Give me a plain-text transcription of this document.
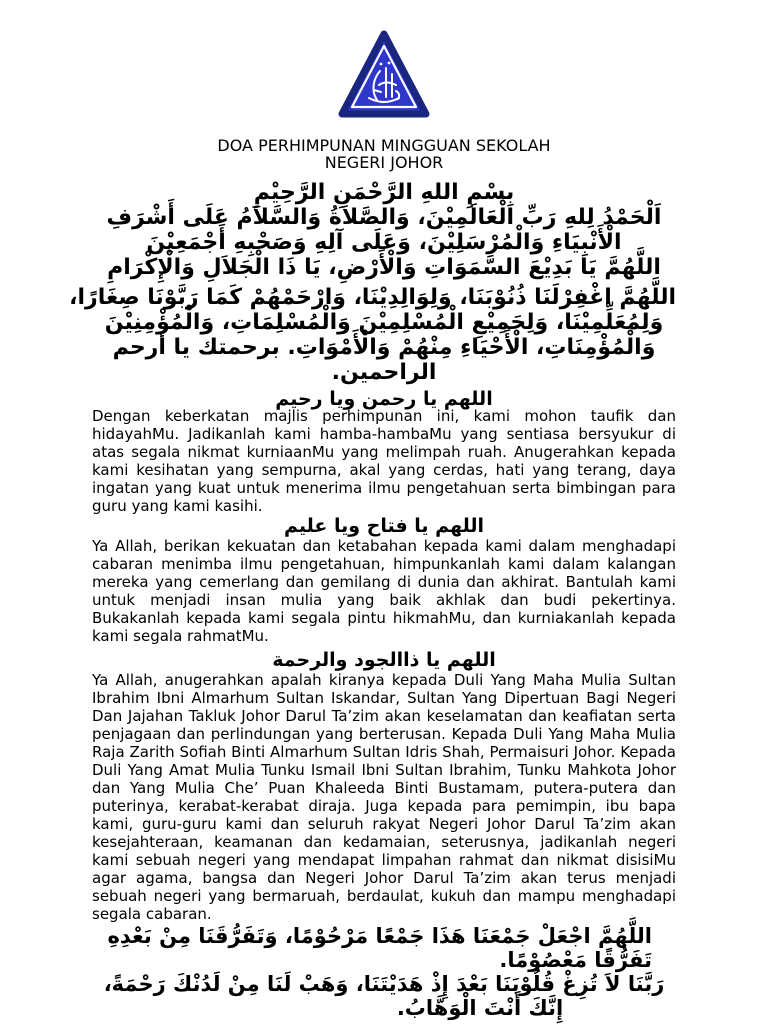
DOA PERHIMPUNAN MINGGUAN SEKOLAH
NEGERI JOHOR
بِسْمِ اللهِ الرَّحْمَنِ الرَّحِيْمِ
اَلْحَمْدُ لِلهِ رَبِّ الْعَالَمِيْنَ، وَالصَّلاَةُ وَالسَّلاَمُ عَلَى أَشْرَفِ
الْأَنْبِيَاءِ وَالْمُرْسَلِيْنَ، وَعَلَى آلِهِ وَصَحْبِهِ أَجْمَعِيْنَ
اللَّهُمَّ يَا بَدِيْعَ السَّمَوَاتِ وَالْأَرْضِ، يَا ذَا الْجَلاَلِ وَالْإِكْرَامِ
اللَّهُمَّ اغْفِرْلَنَا ذُنُوْبَنَا، وَلِوَالِدِيْنَا، وَارْحَمْهُمْ كَمَا رَبَّوْنَا صِغَارًا،
وَلِمُعَلِّمِيْنَا، وَلِجَمِيْعِ الْمُسْلِمِيْنَ وَالْمُسْلِمَاتِ، وَالْمُؤْمِنِيْنَ
وَالْمُؤْمِنَاتِ، الْأَحْيَاءِ مِنْهُمْ وَالْأَمْوَاتِ. برحمتك يا أرحم
الراحمين.
اللهم يا رحمن ويا رحيم

Dengan keberkatan majlis perhimpunan ini, kami mohon taufik dan hidayahMu. Jadikanlah kami hamba-hambaMu yang sentiasa bersyukur di atas segala nikmat kurniaanMu yang melimpah ruah. Anugerahkan kepada kami kesihatan yang sempurna, akal yang cerdas, hati yang terang, daya ingatan yang kuat untuk menerima ilmu pengetahuan serta bimbingan para guru yang kami kasihi.

اللهم يا فتاح ويا عليم

Ya Allah, berikan kekuatan dan ketabahan kepada kami dalam menghadapi cabaran menimba ilmu pengetahuan, himpunkanlah kami dalam kalangan mereka yang cemerlang dan gemilang di dunia dan akhirat. Bantulah kami untuk menjadi insan mulia yang baik akhlak dan budi pekertinya. Bukakanlah kepada kami segala pintu hikmahMu, dan kurniakanlah kepada kami segala rahmatMu.

اللهم يا ذاالجود والرحمة

Ya Allah, anugerahkan apalah kiranya kepada Duli Yang Maha Mulia Sultan Ibrahim Ibni Almarhum Sultan Iskandar, Sultan Yang Dipertuan Bagi Negeri Dan Jajahan Takluk Johor Darul Ta’zim akan keselamatan dan keafiatan serta penjagaan dan perlindungan yang berterusan. Kepada Duli Yang Maha Mulia Raja Zarith Sofiah Binti Almarhum Sultan Idris Shah, Permaisuri Johor. Kepada Duli Yang Amat Mulia Tunku Ismail Ibni Sultan Ibrahim, Tunku Mahkota Johor dan Yang Mulia Che’ Puan Khaleeda Binti Bustamam, putera-putera dan puterinya, kerabat-kerabat diraja. Juga kepada para pemimpin, ibu bapa kami, guru-guru kami dan seluruh rakyat Negeri Johor Darul Ta’zim akan kesejahteraan, keamanan dan kedamaian, seterusnya, jadikanlah negeri kami sebuah negeri yang mendapat limpahan rahmat dan nikmat disisiMu agar agama, bangsa dan Negeri Johor Darul Ta’zim akan terus menjadi sebuah negeri yang bermaruah, berdaulat, kukuh dan mampu menghadapi segala cabaran.

اللَّهُمَّ اجْعَلْ جَمْعَنَا هَذَا جَمْعًا مَرْحُوْمًا، وَتَفَرُّقَنَا مِنْ بَعْدِهِ
تَفَرُّقًا مَعْصُوْمًا.
رَبَّنَا لاَ تُزِغْ قُلُوْبَنَا بَعْدَ إِذْ هَدَيْتَنَا، وَهَبْ لَنَا مِنْ لَدُنْكَ رَحْمَةً،
إِنَّكَ أَنْتَ الْوَهَّابُ.
